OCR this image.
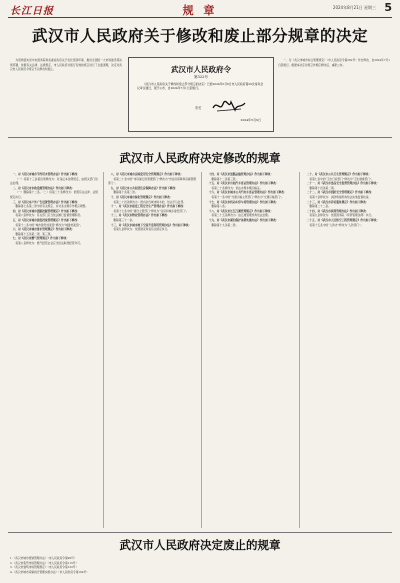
长江日报	规 章	2024年8月21日 星期三 5
武汉市人民政府关于修改和废止部分规章的决定

为贯彻落实党中央国务院和省委省政府关于优化营商环境、推进全国统一大市场建设等决策部署，依据有关法律、法规规定，市人民政府对现行有效的规章进行了全面清理，决定对武汉市人民政府令规章予以修改和废止。	武汉市人民政府令
第322号
《武汉市人民政府关于修改和废止部分规章的决定》已经2024年5月6日市人民政府第20次常务会议审议通过，现予公布，自2024年7月1日起施行。
市长
2024年5月9日

一、对《武汉市城市综合管理规定》（市人民政府令第282号）作出修改，自2024年7月1日起施行。根据本决定对规章作相应修改后，重新公布。

武汉市人民政府决定修改的规章
一、对《武汉市城市节约用水管理办法》作出如下修改：

（一）将第十三条第四项修改为：对违反本条例规定，由相关部门依法处理。

二、对《武汉市市政设施管理办法》作出如下修改：

（一）删除第十二条。（二）将第二十条修改为：依照有关法律、法规规定执行。

三、对《武汉市户外广告设置管理办法》作出如下修改：

删除第七条第二款中的有关规定，并对条文顺序作相应调整。

四、对《武汉市城市道路挖掘管理规定》作出如下修改：

将第六条修改为：有关部门应当依法履行监督管理职责。

五、对《武汉市城市建设档案管理规定》作出如下修改：

将第十二条中的“城市建设档案馆”修改为“城建档案馆”。

六、对《武汉市城市排水管理规定》作出如下修改：

删除第十五条第二项、第三项。

七、对《武汉市燃气管理规定》作出如下修改：

将第八条修改为：燃气经营企业应当依法取得经营许可。

八、对《武汉市城市房屋使用安全管理规定》作出如下修改：

将第二十条中的“市房屋行政管理部门”修改为“市住房保障和房屋管理部门”。

九、对《武汉市公共租赁住房保障办法》作出如下修改：

删除第十条第二款。

十、对《武汉市城市绿化管理规定》作出如下修改：

将第二十四条修改为：擅自砍伐城市树木的，依法予以处罚。

十一、对《武汉市建设工程安全生产管理办法》作出如下修改：

将第十七条中的“建设主管部门”修改为“住房和城乡建设部门”。

十二、对《武汉市物业管理办法》作出如下修改：

删除第三十一条。

十三、对《武汉市城市地下空间开发利用管理办法》作出如下修改：

将第九条修改为：依照国家和省有关规定执行。

十四、对《武汉市道路运输管理办法》作出如下修改：

删除第十二条第三款。

十五、对《武汉市出租汽车客运管理办法》作出如下修改：

将第二十条修改为：依法办理车辆运输证。

十六、对《武汉市城市公共汽电车客运管理办法》作出如下修改：

将第十一条中的“交通运输主管部门”修改为“交通运输部门”。

十七、对《武汉市机动车停车场管理办法》作出如下修改：

删除第八条。

十八、对《武汉市长江江滩管理规定》作出如下修改：

将第二十五条修改为：由江滩管理机构依法处理。

十九、对《武汉市湖泊保护条例实施办法》作出如下修改：

删除第十九条第二款。

二十、对《武汉市公共卫生管理规定》作出如下修改：

将第七条中的“卫生行政部门”修改为“卫生健康部门”。

二十一、对《武汉市食品安全监督管理办法》作出如下修改：

删除第十四条第二项。

二十二、对《武汉市消防安全管理规定》作出如下修改：

将第十条修改为：消防救援机构依法实施监督检查。

二十三、对《武汉市养老服务规定》作出如下修改：

删除第二十二条。

二十四、对《武汉市殡葬管理办法》作出如下修改：

将第九条修改为：依照国务院《殡葬管理条例》执行。

二十五、对《武汉市人民防空工程管理规定》作出如下修改：

将第十五条中的“人防办”修改为“人防部门”。

武汉市人民政府决定废止的规章
1.《武汉市城市规划管理办法》（市人民政府令第99号）
2.《武汉市集贸市场管理办法》（市人民政府令第115号）
3.《武汉市建筑市场管理规定》（市人民政府令第132号）
4.《武汉市城市房屋拆迁管理实施办法》（市人民政府令第164号）
